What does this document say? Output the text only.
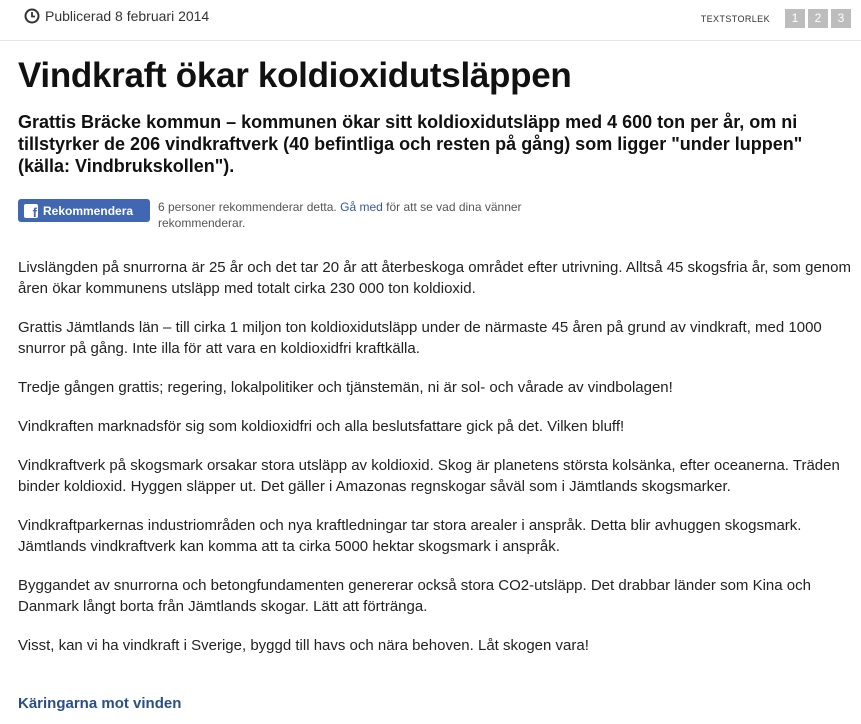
Publicerad 8 februari 2014	TEXTSTORLEK	1	2	3
Vindkraft ökar koldioxidutsläppen

Grattis Bräcke kommun – kommunen ökar sitt koldioxidutsläpp med 4 600 ton per år, om ni tillstyrker de 206 vindkraftverk (40 befintliga och resten på gång) som ligger "under luppen" (källa: Vindbrukskollen").

f Rekommendera 6 personer rekommenderar detta. Gå med för att se vad dina vänner rekommenderar.

Livslängden på snurrorna är 25 år och det tar 20 år att återbeskoga området efter utrivning. Alltså 45 skogsfria år, som genom åren ökar kommunens utsläpp med totalt cirka 230 000 ton koldioxid.

Grattis Jämtlands län – till cirka 1 miljon ton koldioxidutsläpp under de närmaste 45 åren på grund av vindkraft, med 1000 snurror på gång. Inte illa för att vara en koldioxidfri kraftkälla.

Tredje gången grattis; regering, lokalpolitiker och tjänstemän, ni är sol- och vårade av vindbolagen!

Vindkraften marknadsför sig som koldioxidfri och alla beslutsfattare gick på det. Vilken bluff!

Vindkraftverk på skogsmark orsakar stora utsläpp av koldioxid. Skog är planetens största kolsänka, efter oceanerna. Träden binder koldioxid. Hyggen släpper ut. Det gäller i Amazonas regnskogar såväl som i Jämtlands skogsmarker.

Vindkraftparkernas industriområden och nya kraftledningar tar stora arealer i anspråk. Detta blir avhuggen skogsmark. Jämtlands vindkraftverk kan komma att ta cirka 5000 hektar skogsmark i anspråk.

Byggandet av snurrorna och betongfundamenten genererar också stora CO2-utsläpp. Det drabbar länder som Kina och Danmark långt borta från Jämtlands skogar. Lätt att förtränga.

Visst, kan vi ha vindkraft i Sverige, byggd till havs och nära behoven. Låt skogen vara!

Käringarna mot vinden
